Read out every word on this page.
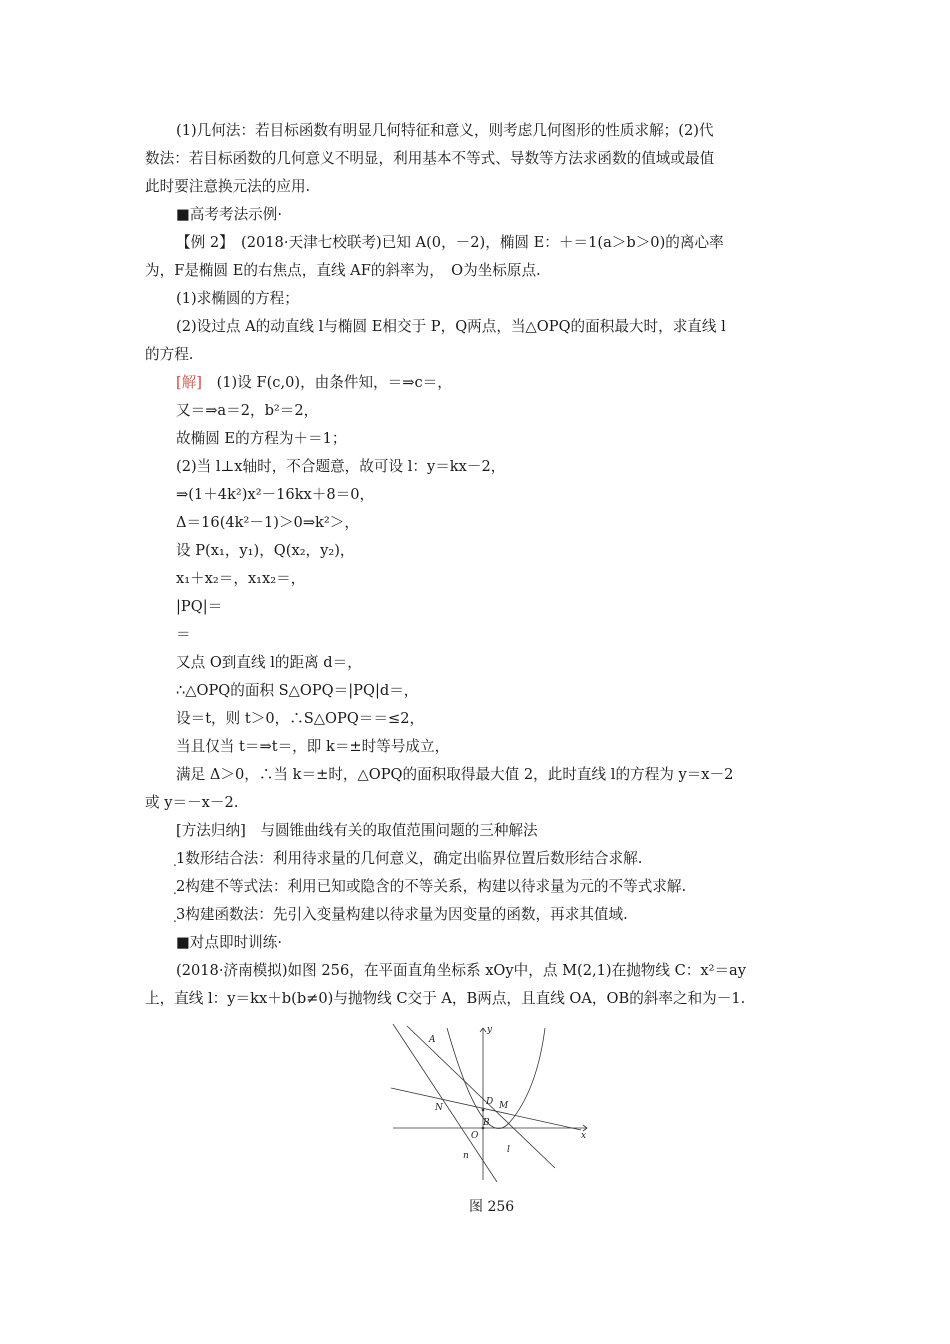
(1)几何法：若目标函数有明显几何特征和意义，则考虑几何图形的性质求解；(2)代
数法：若目标函数的几何意义不明显，利用基本不等式、导数等方法求函数的值域或最值
此时要注意换元法的应用.
■高考考法示例·
【例 2】　(2018·天津七校联考)已知 A(0，－2)，椭圆 E：＋＝1(a＞b＞0)的离心率
为，F是椭圆 E的右焦点，直线 AF的斜率为，　O为坐标原点.
(1)求椭圆的方程；
(2)设过点 A的动直线 l与椭圆 E相交于 P，Q两点，当△OPQ的面积最大时，求直线 l
的方程.
[解]　(1)设 F(c,0)，由条件知，＝⇒c＝，
又＝⇒a＝2，b²＝2，
故椭圆 E的方程为＋＝1；
(2)当 l⊥x轴时，不合题意，故可设 l：y＝kx－2，
⇒(1＋4k²)x²－16kx＋8＝0，
Δ＝16(4k²－1)＞0⇒k²＞，
设 P(x₁，y₁)，Q(x₂，y₂)，
x₁＋x₂＝，x₁x₂＝，
|PQ|＝
＝
又点 O到直线 l的距离 d＝，
∴△OPQ的面积 S△OPQ＝|PQ|d＝，
设＝t，则 t＞0，∴S△OPQ＝＝≤2，
当且仅当 t＝⇒t＝，即 k＝±时等号成立，
满足 Δ＞0，∴当 k＝±时，△OPQ的面积取得最大值 2，此时直线 l的方程为 y＝x－2
或 y＝－x－2.
[方法归纳]　与圆锥曲线有关的取值范围问题的三种解法
. 1数形结合法：利用待求量的几何意义，确定出临界位置后数形结合求解.
. 2构建不等式法：利用已知或隐含的不等关系，构建以待求量为元的不等式求解.
. 3构建函数法：先引入变量构建以待求量为因变量的函数，再求其值域.
■对点即时训练·
(2018·济南模拟)如图 256，在平面直角坐标系 xOy中，点 M(2,1)在抛物线 C：x²＝ay
上，直线 l：y＝kx＋b(b≠0)与抛物线 C交于 A，B两点，且直线 OA，OB的斜率之和为－1.
A
N
D M
B
O
n
l
x
y
图 256
